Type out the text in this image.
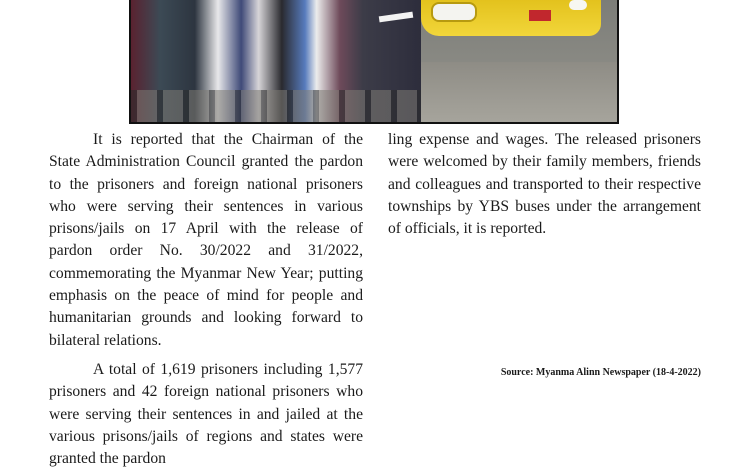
It is reported that the Chairman of the State Administration Council granted the pardon to the prisoners and foreign national prisoners who were serving their sentences in various prisons/jails on 17 April with the release of pardon order No. 30/2022 and 31/2022, commemorating the Myanmar New Year; putting emphasis on the peace of mind for people and humanitarian grounds and looking forward to bilateral relations.

A total of 1,619 prisoners including 1,577 prisoners and 42 foreign national prisoners who were serving their sentences in and jailed at the various prisons/jails of regions and states were granted the pardon

ling expense and wages. The released prisoners were welcomed by their family members, friends and colleagues and transported to their respective townships by YBS buses under the arrangement of officials, it is reported.

Source: Myanma Alinn Newspaper (18-4-2022)
